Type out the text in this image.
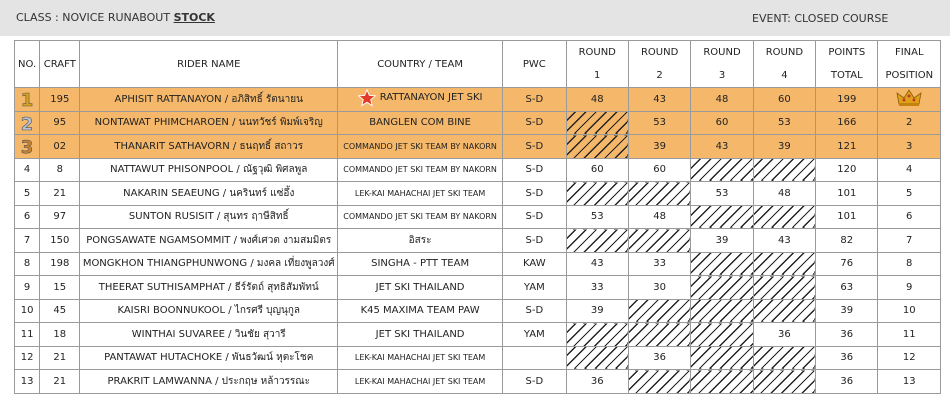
CLASS : NOVICE RUNABOUT STOCK	EVENT: CLOSED COURSE
NO.	CRAFT	RIDER NAME	COUNTRY / TEAM	PWC	ROUND	ROUND	ROUND	ROUND	POINTS	FINAL
					1	2	3	4	TOTAL	POSITION

1	195	APHISIT RATTANAYON / อภิสิทธิ์ รัตนายน	RATTANAYON JET SKI	S-D	48	43	48	60	199	

2	95	NONTAWAT PHIMCHAROEN / นนทวัชร์ พิมพ์เจริญ	BANGLEN COM BINE	S-D		53	60	53	166	2

3	02	THANARIT SATHAVORN / ธนฤทธิ์ สถาวร	COMMANDO JET SKI TEAM BY NAKORN	S-D		39	43	39	121	3
4	8	NATTAWUT PHISONPOOL / ณัฐวุฒิ พิศลพูล	COMMANDO JET SKI TEAM BY NAKORN	S-D	60	60			120	4
5	21	NAKARIN SEAEUNG / นครินทร์ แซ่อึ้ง	LEK-KAI MAHACHAI JET SKI TEAM	S-D			53	48	101	5
6	97	SUNTON RUSISIT / สุนทร ฤาษีสิทธิ์	COMMANDO JET SKI TEAM BY NAKORN	S-D	53	48			101	6
7	150	PONGSAWATE NGAMSOMMIT / พงศ์เศวต งามสมมิตร	อิสระ	S-D			39	43	82	7
8	198	MONGKHON THIANGPHUNWONG / มงคล เที่ยงพูลวงศ์	SINGHA - PTT TEAM	KAW	43	33			76	8
9	15	THEERAT SUTHISAMPHAT / ธีร์รัตถ์ สุทธิสัมพัทน์	JET SKI THAILAND	YAM	33	30			63	9
10	45	KAISRI BOONNUKOOL / ไกรศรี บุญนุกูล	K45 MAXIMA TEAM PAW	S-D	39				39	10
11	18	WINTHAI SUVAREE / วินชัย สุวารี	JET SKI THAILAND	YAM				36	36	11
12	21	PANTAWAT HUTACHOKE / พันธวัฒน์ หุตะโชค	LEK-KAI MAHACHAI JET SKI TEAM			36			36	12
13	21	PRAKRIT LAMWANNA / ประกฤษ หล้าวรรณะ	LEK-KAI MAHACHAI JET SKI TEAM	S-D	36				36	13
